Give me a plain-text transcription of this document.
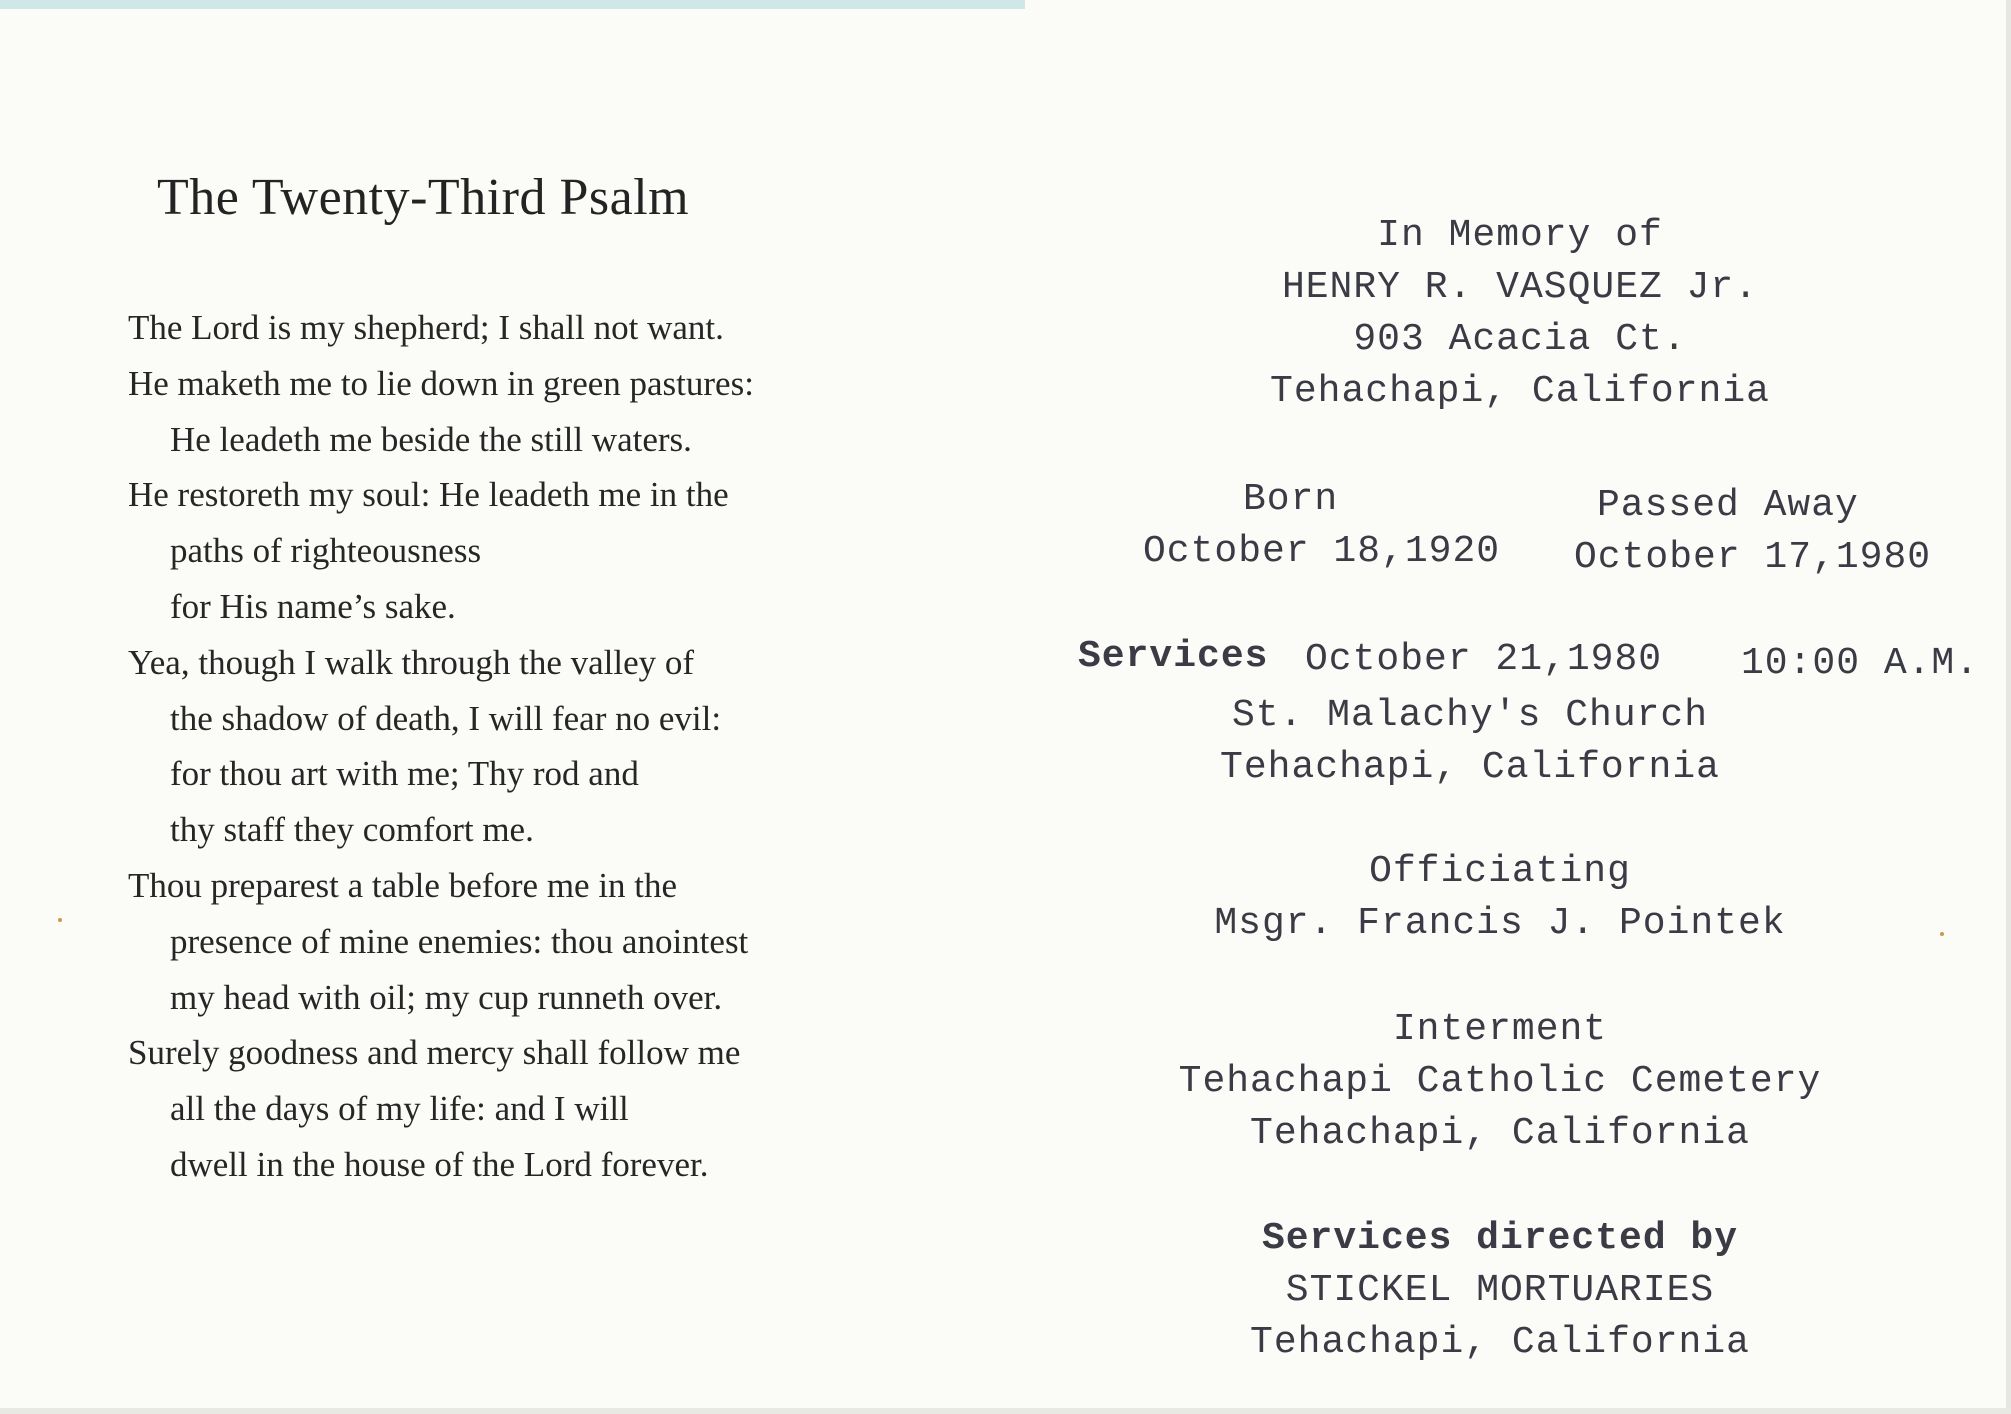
The Twenty-Third Psalm
The Lord is my shepherd; I shall not want.
He maketh me to lie down in green pastures:
He leadeth me beside the still waters.
He restoreth my soul: He leadeth me in the
paths of righteousness
for His name’s sake.
Yea, though I walk through the valley of
the shadow of death, I will fear no evil:
for thou art with me; Thy rod and
thy staff they comfort me.
Thou preparest a table before me in the
presence of mine enemies: thou anointest
my head with oil; my cup runneth over.
Surely goodness and mercy shall follow me
all the days of my life: and I will
dwell in the house of the Lord forever.
In Memory of
HENRY R. VASQUEZ Jr.
903 Acacia Ct.
Tehachapi, California
Born
October 18,1920
Passed Away
October 17,1980
Services October 21,1980 10:00 A.M.
St. Malachy's Church
Tehachapi, California
Officiating
Msgr. Francis J. Pointek
Interment
Tehachapi Catholic Cemetery
Tehachapi, California
Services directed by
STICKEL MORTUARIES
Tehachapi, California
